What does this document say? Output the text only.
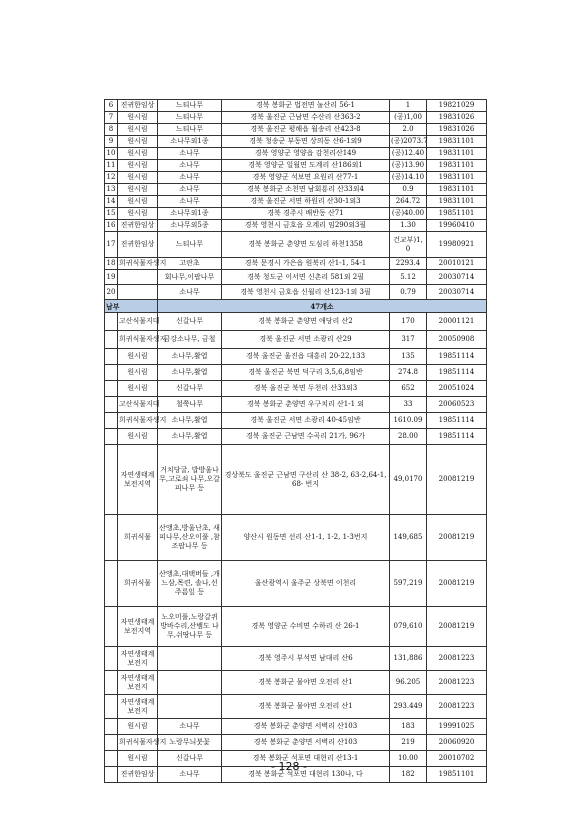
6	진귀한임상	느티나무	경북 봉화군 법전면 눌산리 56-1	1	19821029
7	원시림	느티나무	경북 울진군 근남면 수산리 산363-2	(공)1,00	19831026
8	원시림	느티나무	경북 울진군 평해읍 월송리 산423-8	2.0	19831026
9	원시림	소나무외1종	경북 청송군 부동면 상의동 산6-1외9	(공)2073.7	19831101
10	원시림	소나무	경북 영양군 영양읍 감천리산149	(공)12.40	19831101
11	원시림	소나무	경북 영양군 일월면 도계리 산186외1	(공)13.90	19831101
12	원시림	소나무	경북 영양군 석보면 요원리 산77-1	(공)14.10	19831101
13	원시림	소나무	경북 봉화군 소천면 남회룡리 산33외4	0.9	19831101
14	원시림	소나무	경북 울진군 서면 하원리 산30-1외3	264.72	19831101
15	원시림	소나무외1종	경북 경주시 배반동 산71	(공)40.00	19851101
16	진귀한임상	소나무외5종	경북 영천시 금호읍 오계리 임290외3필	1.30	19960410
17	진귀한임상	느티나무	경북 봉화군 춘양면 도심리 하천1358	건교부)1,0	19980921
18	희귀식물자생지	고란초	경북 문경시 가은읍 원북리 산1-1, 54-1	2293.4	20010121
19		회나무,이팝나무	경북 청도군 이서면 신촌리 581외 2필	5.12	20030714
20		소나무	경북 영천시 금호읍 신월리 산123-1외 3필	0.79	20030714
남부		47개소			
	고산식물지대	신갈나무	경북 봉화군 춘양면 애당리 산2	170	20001121
	희귀식물자생지	금강소나무, 금철	경북 울진군 서면 소광리 산29	317	20050908
	원시림	소나무,활엽	경북 울진군 울진읍 대흥리 20-22,133	135	19851114
	원시림	소나무,활엽	경북 울진군 북면 덕구리 3,5,6,8임반	274.8	19851114
	원시림	신갈나무	경북 울진군 북면 두천리 산33외3	652	20051024
	고산식물지대	철쭉나무	경북 봉화군 춘양면 우구치리 산1-1 외	33	20060523
	희귀식물자생지	소나무,활엽	경북 울진군 서면 소광리 40-45임반	1610.09	19851114
	원시림	소나무,활엽	경북 울진군 근남면 수곡리 21가, 96가	28.00	19851114
	자연생태계 보전지역	거치당굴, 밥방울나무,고로쇠 나무,오갈피나무 등	경상북도 울진군 근남면 구산리 산 38-2, 63-2,64-1,68- 번지	49,0170	20081219
	희귀식물	산앵초,방울난초, 새피나무,산오이풀 ,참조팝나무 등	양산시 원동면 선리 산1-1, 1-2, 1-3번지	149,685	20081219
	희귀식물	산앵초,대택버들 ,개느삼,목련, 솔나,선주름잎 등	울산광역시 울주군 상북면 이천리	597,219	20081219
	자연생태계 보전지역	노오미풀,노랑갈퀴 방바수리,산뱀도 나무,쉬땅나무 등	경북 영양군 수비면 수하리 산 26-1	079,610	20081219
	자연생태계보전지		경북 영주시 부석면 남대리 산6	131,886	20081223
	자연생태계보전지		경북 봉화군 물야면 오전리 산1	96.205	20081223
	자연생태계보전지		경북 봉화군 물야면 오전리 산1	293.449	20081223
	원시림	소나무	경북 봉화군 춘양면 서벽리 산103	183	19991025
	희귀식물자생지	노랑무늬붓꽃	경북 봉화군 춘양면 서벽리 산103	219	20060920
	원시림	신갈나무	경북 봉화군 석포면 대현리 산13-1	10.00	20010702
	진귀한임상	소나무	경북 봉화군 석포면 대현리 130나, 다	182	19851101
- 128 -
